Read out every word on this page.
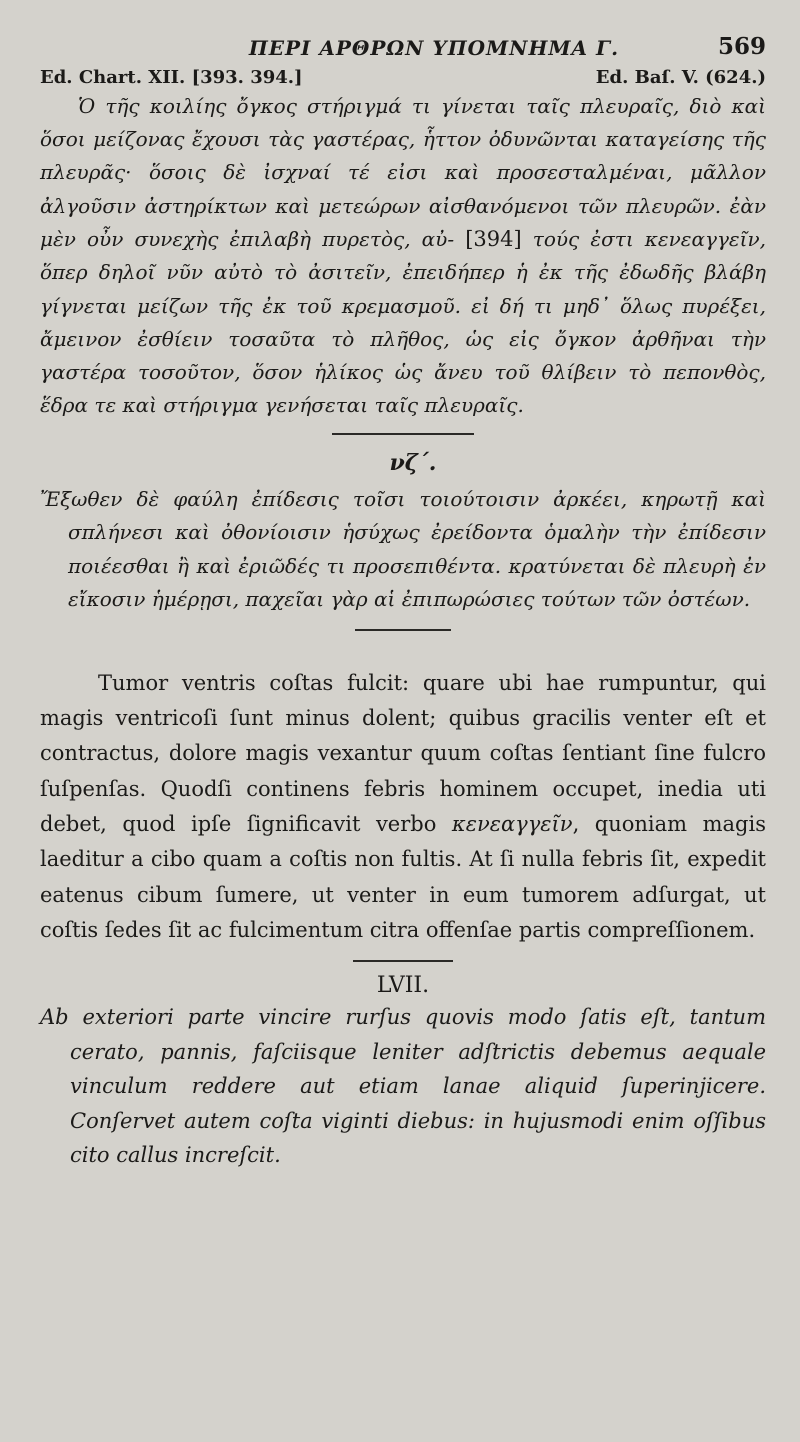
ΠΕΡΙ ΑΡΘΡΩΝ ΥΠΟΜΝΗΜΑ Γ.	569
Ed. Chart. XII. [393. 394.]	Ed. Baſ. V. (624.)
Ὁ τῆς κοιλίης ὄγκος στήριγμά τι γίνεται ταῖς πλευραῖς, διὸ καὶ ὅσοι μείζονας ἔχουσι τὰς γαστέρας, ἧττον ὀδυνῶνται καταγείσης τῆς πλευρᾶς· ὅσοις δὲ ἰσχναί τέ εἰσι καὶ προσεσταλμέναι, μᾶλλον ἀλγοῦσιν ἀστηρίκτων καὶ μετεώρων αἰσθανόμενοι τῶν πλευρῶν. ἐὰν μὲν οὖν συνεχὴς ἐπιλαβὴ πυρετὸς, αὐ- [394] τούς ἐστι κενεαγγεῖν, ὅπερ δηλοῖ νῦν αὐτὸ τὸ ἀσιτεῖν, ἐπειδήπερ ἡ ἐκ τῆς ἐδωδῆς βλάβη γίγνεται μείζων τῆς ἐκ τοῦ κρεμασμοῦ. εἰ δή τι μηδ᾽ ὅλως πυρέξει, ἄμεινον ἐσθίειν τοσαῦτα τὸ πλῆθος, ὡς εἰς ὄγκον ἀρθῆναι τὴν γαστέρα τοσοῦτον, ὅσον ἡλίκος ὡς ἄνευ τοῦ θλίβειν τὸ πεπονθὸς, ἕδρα τε καὶ στήριγμα γενήσεται ταῖς πλευραῖς.
νζ΄.

Ἔξωθεν δὲ φαύλη ἐπίδεσις τοῖσι τοιούτοισιν ἀρκέει, κηρωτῇ καὶ σπλήνεσι καὶ ὀθονίοισιν ἡσύχως ἐρείδοντα ὁμαλὴν τὴν ἐπίδεσιν ποιέεσθαι ἢ καὶ ἐριῶδές τι προσεπιθέντα. κρατύνεται δὲ πλευρὴ ἐν εἴκοσιν ἡμέρῃσι, παχεῖαι γὰρ αἱ ἐπιπωρώσιες τούτων τῶν ὀστέων.

Tumor ventris coſtas fulcit: quare ubi hae rumpuntur, qui magis ventricoſi ſunt minus dolent; quibus gracilis venter eſt et contractus, dolore magis vexantur quum coſtas ſentiant ſine fulcro ſuſpenſas. Quodſi continens febris hominem occupet, inedia uti debet, quod ipſe ſignificavit verbo κενεαγγεῖν, quoniam magis laeditur a cibo quam a coſtis non fultis. At ſi nulla febris ſit, expedit eatenus cibum ſumere, ut venter in eum tumorem adſurgat, ut coſtis ſedes ſit ac fulcimentum citra offenſae partis compreſſionem.

LVII.

Ab exteriori parte vincire rurſus quovis modo ſatis eſt, tantum cerato, pannis, faſciisque leniter adſtrictis debemus aequale vinculum reddere aut etiam lanae aliquid ſuperinjicere. Conſervet autem coſta viginti diebus: in hujusmodi enim oſſibus cito callus increſcit.
